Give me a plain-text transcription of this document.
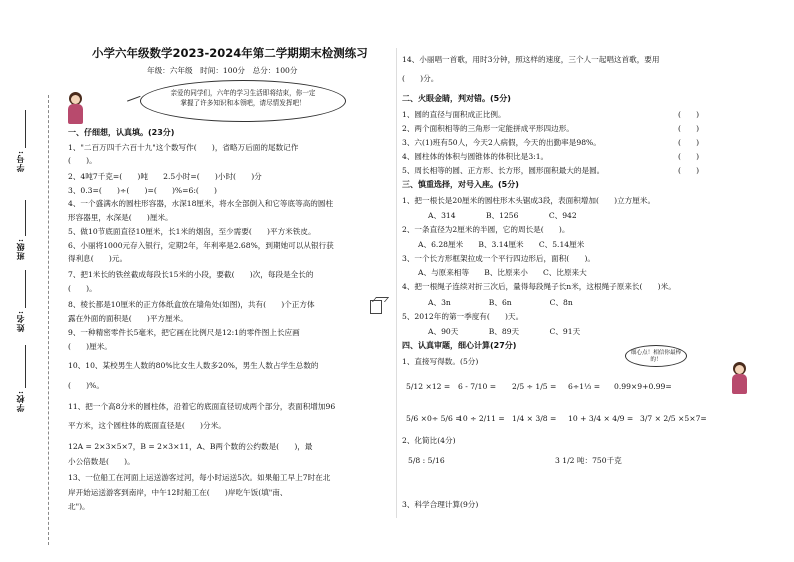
学号:
班级:
姓名:
学校:
小学六年级数学2023-2024年第二学期期末检测练习
年级：六年级　时间：100分　总分：100分
亲爱的同学们，六年的学习生活即将结束，你一定
掌握了许多知识和本领吧，请尽情发挥吧！
一、仔细想，认真填。(23分)
1、"二百万四千六百十九"这个数写作(　　)，省略万后面的尾数记作
(　　)。
2、4吨7千克=(　　)吨　　2.5小时=(　　)小时(　　)分
3、0.3=(　　)÷(　　)=(　　)%=6:(　　)
4、一个盛满水的圆柱形容器，水深18厘米，将水全部倒入和它等底等高的圆柱
形容器里，水深是(　　)厘米。
5、做10节底面直径10厘米，长1米的烟囱，至少需要(　　)平方米铁皮。
6、小丽将1000元存入银行，定期2年，年利率是2.68%，到期她可以从银行获
得利息(　　)元。
7、把1米长的铁丝截成每段长15米的小段，要截(　　)次，每段是全长的
(　　)。
8、棱长都是10厘米的正方体纸盒放在墙角处(如图)，共有(　　)个正方体
露在外面的面积是(　　)平方厘米。
9、一种精密零件长5毫米，把它画在比例尺是12:1的零件图上长应画
(　　)厘米。
10、10、某校男生人数的80%比女生人数多20%，男生人数占学生总数的
(　　)%。
11、把一个高8分米的圆柱体，沿着它的底面直径切成两个部分，表面积增加96
平方米，这个圆柱体的底面直径是(　　)分米。
12A = 2×3×5×7，B = 2×3×11，A、B两个数的公约数是(　　)，最
小公倍数是(　　)。
13、一位船工在河面上运送游客过河，每小时运送5次。如果船工早上7时在北
岸开始运送游客到南岸，中午12时船工在(　　)岸吃午饭(填"南、
北")。
14、小丽唱一首歌，用时3分钟，照这样的速度，三个人一起唱这首歌，要用
(　　)分。
二、火眼金睛，判对错。(5分)
1、圆的直径与面积成正比例。	(　　)
2、两个面积相等的三角形一定能拼成平形四边形。	(　　)
3、六(1)班有50人，今天2人病假，今天的出勤率是98%。	(　　)
4、圆柱体的体积与圆锥体的体积比是3:1。	(　　)
5、周长相等的圆、正方形、长方形，圆形面积最大的是圆。	(　　)
三、慎重选择，对号入座。(5分)
1、把一根长是20厘米的圆柱形木头锯成3段，表面积增加(　　)立方厘米。
A、314　　　　B、1256　　　　C、942
2、一条直径为2厘米的半圆，它的周长是(　　)。
A、6.28厘米　　B、3.14厘米　　C、5.14厘米
3、一个长方形框架拉成一个平行四边形后，面积(　　)。
A、与原来相等　　B、比原来小　　C、比原来大
4、把一根绳子连续对折三次后，量得每段绳子长n米，这根绳子原来长(　　)米。
A、3n　　　　　B、6n　　　　　C、8n
5、2012年的第一季度有(　　)天。
A、90天　　　　B、89天　　　　C、91天
四、认真审题，细心计算(27分)
1、直接写得数。(5分)
细心点！相信你最棒的！
5/12 ×12 = 6 - 7/10 = 2/5 ÷ 1/5 = 6÷1⅓ = 0.99×9+0.99=
5/6 ×0÷ 5/6 =
10 ÷ 2/11 = 1/4 × 3/8 = 10 + 3/4 × 4/9 = 3/7 × 2/5 ×5×7=
2、化简比(4分)
5/8 : 5/16	3 1/2 吨：750千克
3、科学合理计算(9分)
